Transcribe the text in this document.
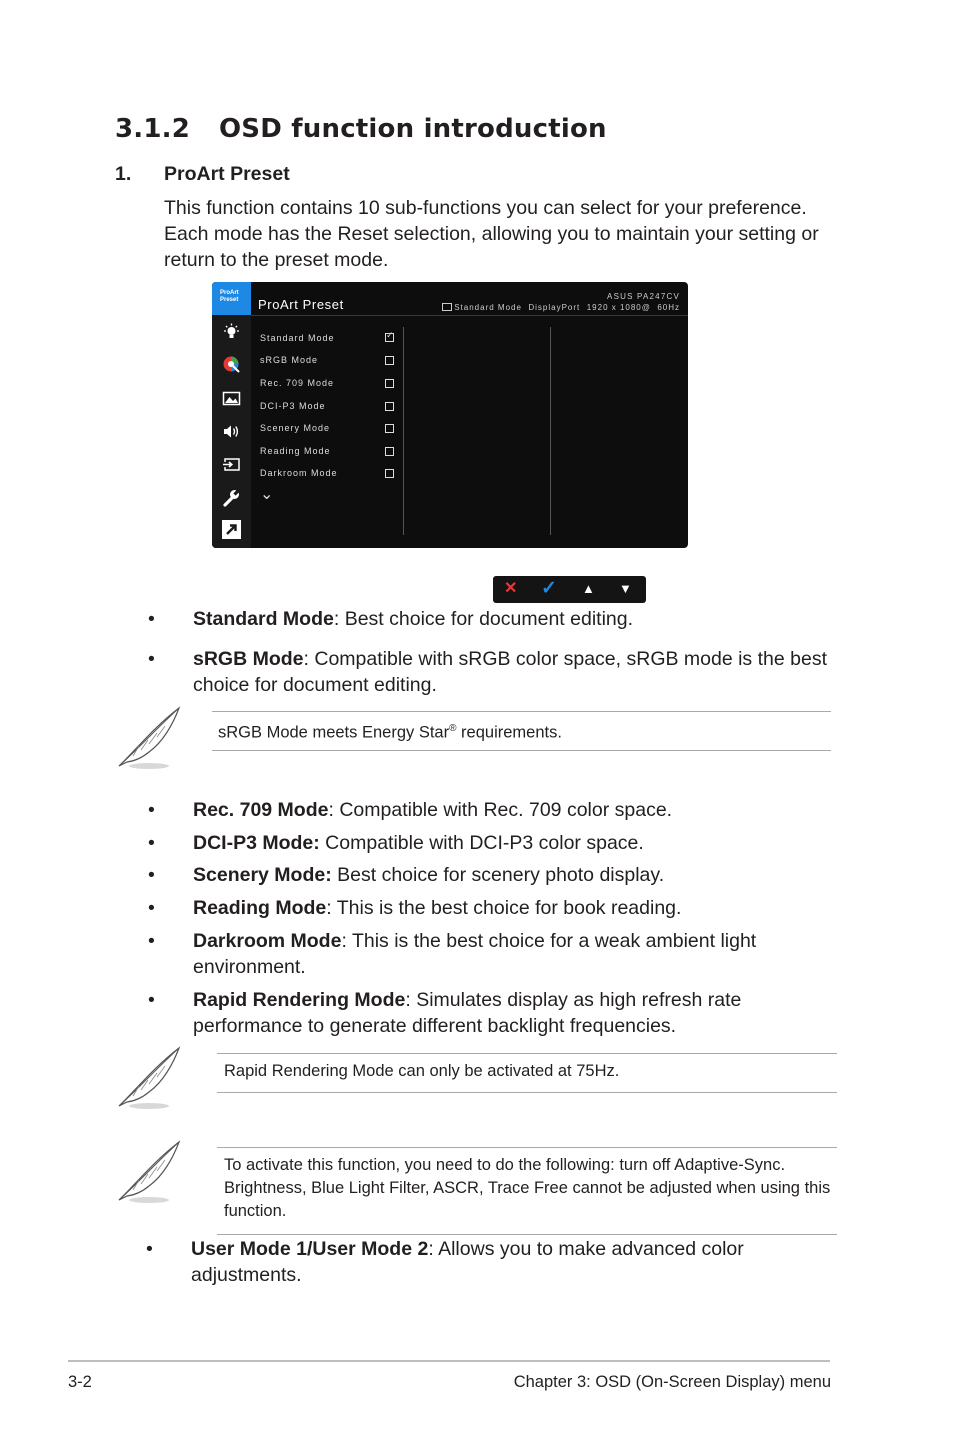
3.1.2 OSD function introduction
1. ProArt Preset
This function contains 10 sub-functions you can select for your preference. Each mode has the Reset selection, allowing you to maintain your setting or return to the preset mode.
ProArt
Preset	ProArt Preset
ASUS PA247CV
Standard Mode  DisplayPort  1920 x 1080@  60Hz
Standard Mode	✓
sRGB Mode
Rec. 709 Mode
DCI-P3 Mode
Scenery Mode
Reading Mode
Darkroom Mode
⌄
✕ ✓ ▲ ▼
• Standard Mode: Best choice for document editing.
• sRGB Mode: Compatible with sRGB color space, sRGB mode is the best choice for document editing.
sRGB Mode meets Energy Star® requirements.
• Rec. 709 Mode: Compatible with Rec. 709 color space.
• DCI-P3 Mode: Compatible with DCI-P3 color space.
• Scenery Mode: Best choice for scenery photo display.
• Reading Mode: This is the best choice for book reading.
• Darkroom Mode: This is the best choice for a weak ambient light environment.
• Rapid Rendering Mode: Simulates display as high refresh rate performance to generate different backlight frequencies.
Rapid Rendering Mode can only be activated at 75Hz.
To activate this function, you need to do the following: turn off Adaptive-Sync. Brightness, Blue Light Filter, ASCR, Trace Free cannot be adjusted when using this function.
• User Mode 1/User Mode 2: Allows you to make advanced color adjustments.
3-2	Chapter 3: OSD (On-Screen Display) menu
